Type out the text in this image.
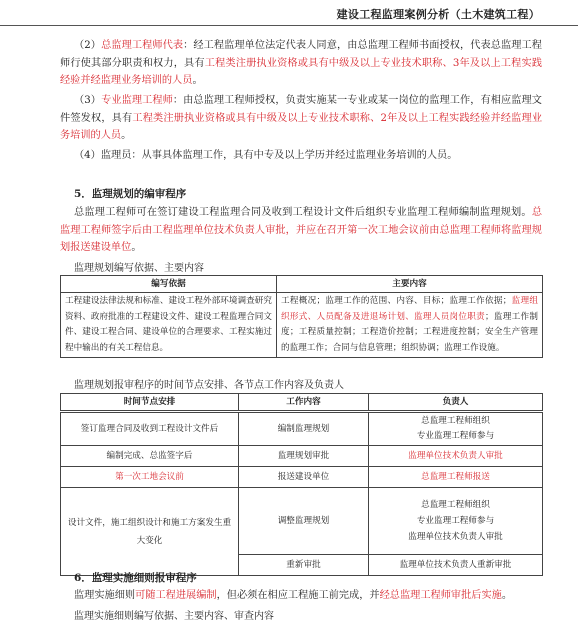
建设工程监理案例分析（土木建筑工程）

（2）总监理工程师代表：经工程监理单位法定代表人同意，由总监理工程师书面授权，代表总监理工程师行使其部分职责和权力，具有工程类注册执业资格或具有中级及以上专业技术职称、3年及以上工程实践经验并经监理业务培训的人员。

（3）专业监理工程师：由总监理工程师授权，负责实施某一专业或某一岗位的监理工作，有相应监理文件签发权，具有工程类注册执业资格或具有中级及以上专业技术职称、2年及以上工程实践经验并经监理业务培训的人员。

（4）监理员：从事具体监理工作，具有中专及以上学历并经过监理业务培训的人员。

5．监理规划的编审程序

总监理工程师可在签订建设工程监理合同及收到工程设计文件后组织专业监理工程师编制监理规划。总监理工程师签字后由工程监理单位技术负责人审批，并应在召开第一次工地会议前由总监理工程师将监理规划报送建设单位。

监理规划编写依据、主要内容

编写依据	主要内容
工程建设法律法规和标准、建设工程外部环境调查研究资料、政府批准的工程建设文件、建设工程监理合同文件、建设工程合同、建设单位的合理要求、工程实施过程中输出的有关工程信息。	工程概况；监理工作的范围、内容、目标；监理工作依据；监理组织形式、人员配备及进退场计划、监理人员岗位职责；监理工作制度；工程质量控制；工程造价控制；工程进度控制；安全生产管理的监理工作；合同与信息管理；组织协调；监理工作设施。

监理规划报审程序的时间节点安排、各节点工作内容及负责人

时间节点安排	工作内容	负责人
签订监理合同及收到工程设计文件后	编制监理规划	总监理工程师组织
专业监理工程师参与

编制完成、总监签字后	监理规划审批	监理单位技术负责人审批

第一次工地会议前	报送建设单位	总监理工程师报送

设计文件，施工组织设计和施工方案发生重大变化	调整监理规划	总监理工程师组织
专业监理工程师参与
监理单位技术负责人审批

	重新审批	监理单位技术负责人重新审批

6．监理实施细则报审程序

监理实施细则可随工程进展编制，但必须在相应工程施工前完成，并经总监理工程师审批后实施。

监理实施细则编写依据、主要内容、审查内容
